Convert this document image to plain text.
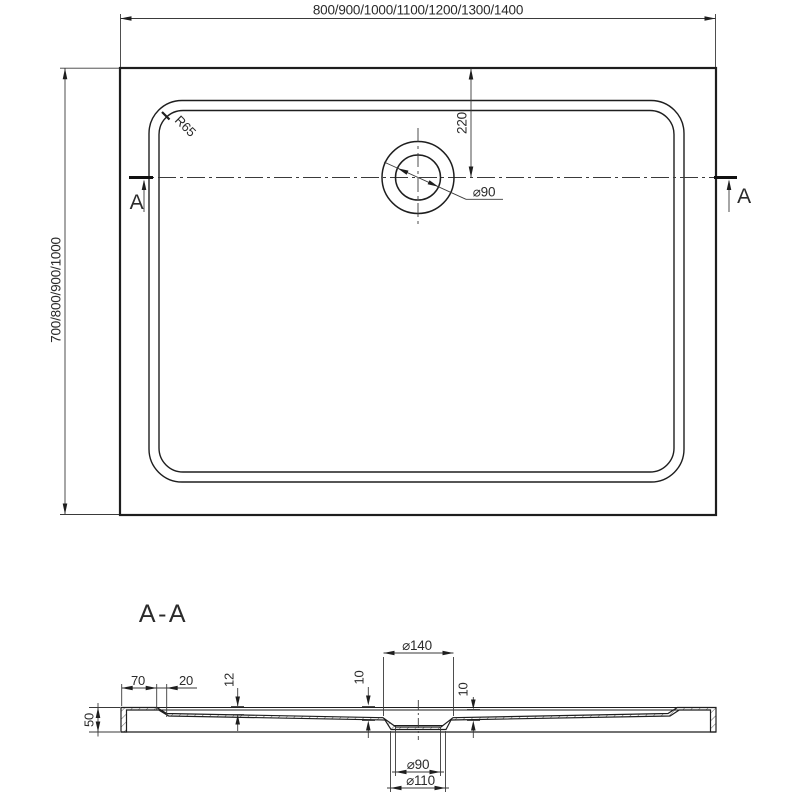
A	A
800/900/1000/1100/1200/1300/1400
700/800/900/1000
220
⌀90
R65
A-A
70	20 12
50
⌀140
10
10
⌀90
⌀110
